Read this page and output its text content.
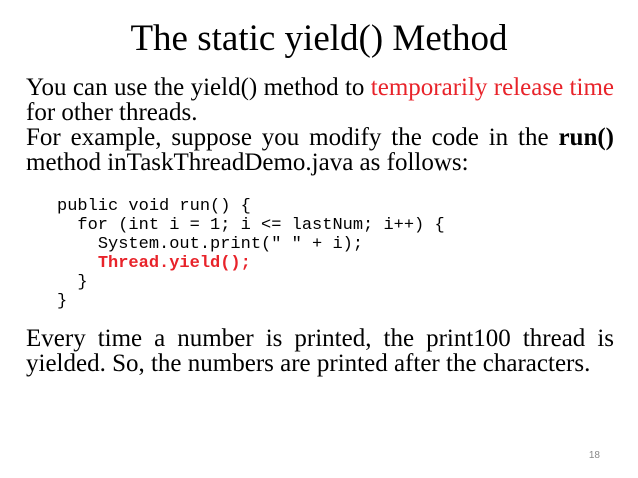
The static yield() Method
You can use the yield() method to temporarily release time for other threads.
For example, suppose you modify the code in the run() method inTaskThreadDemo.java as follows:
public void run() {
for (int i = 1; i <= lastNum; i++) {
System.out.print(" " + i);
Thread.yield();
}
}
Every time a number is printed, the print100 thread is yielded. So, the numbers are printed after the characters.
18
